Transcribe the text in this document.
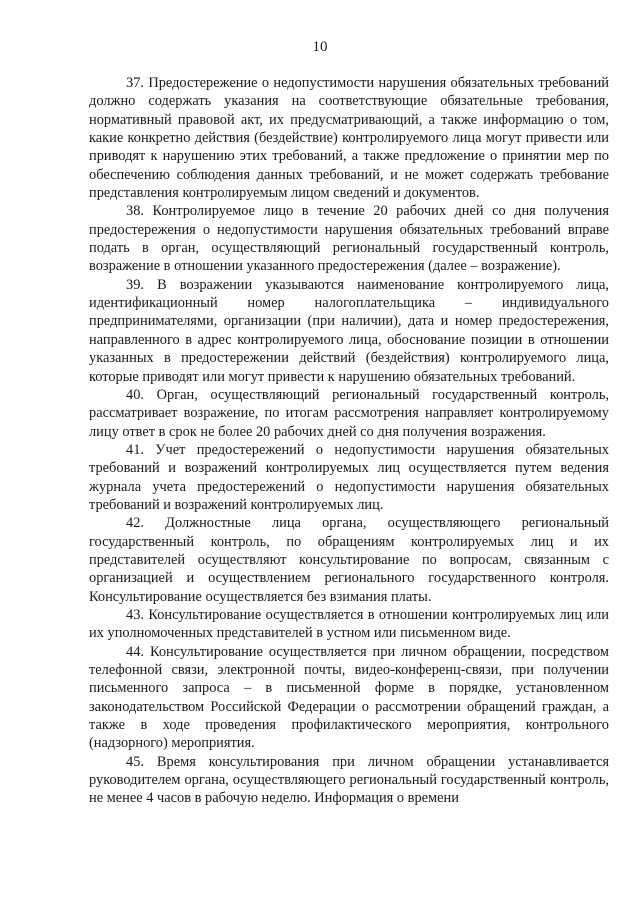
10

37. Предостережение о недопустимости нарушения обязательных требований должно содержать указания на соответствующие обязательные требования, нормативный правовой акт, их предусматривающий, а также информацию о том, какие конкретно действия (бездействие) контролируемого лица могут привести или приводят к нарушению этих требований, а также предложение о принятии мер по обеспечению соблюдения данных требований, и не может содержать требование представления контролируемым лицом сведений и документов.

38. Контролируемое лицо в течение 20 рабочих дней со дня получения предостережения о недопустимости нарушения обязательных требований вправе подать в орган, осуществляющий региональный государственный контроль, возражение в отношении указанного предостережения (далее – возражение).

39. В возражении указываются наименование контролируемого лица, идентификационный номер налогоплательщика – индивидуального предпринимателями, организации (при наличии), дата и номер предостережения, направленного в адрес контролируемого лица, обоснование позиции в отношении указанных в предостережении действий (бездействия) контролируемого лица, которые приводят или могут привести к нарушению обязательных требований.

40. Орган, осуществляющий региональный государственный контроль, рассматривает возражение, по итогам рассмотрения направляет контролируемому лицу ответ в срок не более 20 рабочих дней со дня получения возражения.

41. Учет предостережений о недопустимости нарушения обязательных требований и возражений контролируемых лиц осуществляется путем ведения журнала учета предостережений о недопустимости нарушения обязательных требований и возражений контролируемых лиц.

42. Должностные лица органа, осуществляющего региональный государственный контроль, по обращениям контролируемых лиц и их представителей осуществляют консультирование по вопросам, связанным с организацией и осуществлением регионального государственного контроля. Консультирование осуществляется без взимания платы.

43. Консультирование осуществляется в отношении контролируемых лиц или их уполномоченных представителей в устном или письменном виде.

44. Консультирование осуществляется при личном обращении, посредством телефонной связи, электронной почты, видео-конференц-связи, при получении письменного запроса – в письменной форме в порядке, установленном законодательством Российской Федерации о рассмотрении обращений граждан, а также в ходе проведения профилактического мероприятия, контрольного (надзорного) мероприятия.

45. Время консультирования при личном обращении устанавливается руководителем органа, осуществляющего региональный государственный контроль, не менее 4 часов в рабочую неделю. Информация о времени
